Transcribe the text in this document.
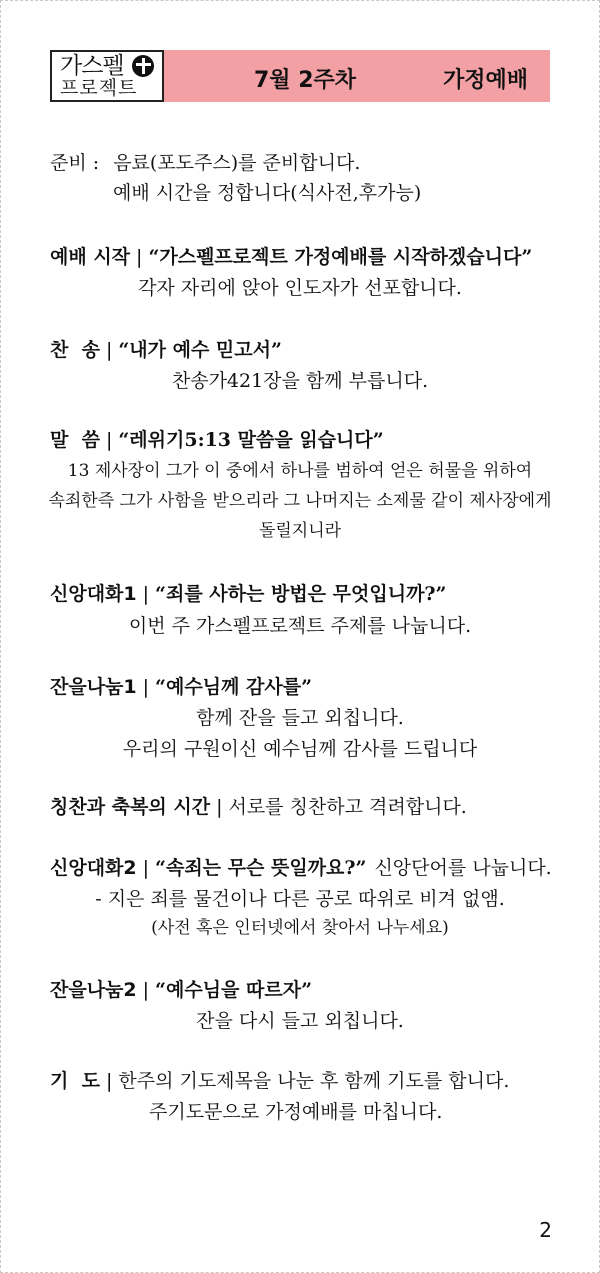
가스펠
프로젝트	7월 2주차	가정예배
준비 : 음료(포도주스)를 준비합니다.
예배 시간을 정합니다(식사전,후가능)
예배 시작 | “가스펠프로젝트 가정예배를 시작하겠습니다”
각자 자리에 앉아 인도자가 선포합니다.
찬  송 | “내가 예수 믿고서”
찬송가421장을 함께 부릅니다.
말  씀 | “레위기5:13 말씀을 읽습니다”
13 제사장이 그가 이 중에서 하나를 범하여 얻은 허물을 위하여
속죄한즉 그가 사함을 받으리라 그 나머지는 소제물 같이 제사장에게
돌릴지니라
신앙대화1 | “죄를 사하는 방법은 무엇입니까?”
이번 주 가스펠프로젝트 주제를 나눕니다.
잔을나눔1 | “예수님께 감사를”
함께 잔을 들고 외칩니다.
우리의 구원이신 예수님께 감사를 드립니다
칭찬과 축복의 시간 | 서로를 칭찬하고 격려합니다.
신앙대화2 | “속죄는 무슨 뜻일까요?” 신앙단어를 나눕니다.
- 지은 죄를 물건이나 다른 공로 따위로 비겨 없앰.
(사전 혹은 인터넷에서 찾아서 나누세요)
잔을나눔2 | “예수님을 따르자”
잔을 다시 들고 외칩니다.
기  도 | 한주의 기도제목을 나눈 후 함께 기도를 합니다.
주기도문으로 가정예배를 마칩니다.
2
